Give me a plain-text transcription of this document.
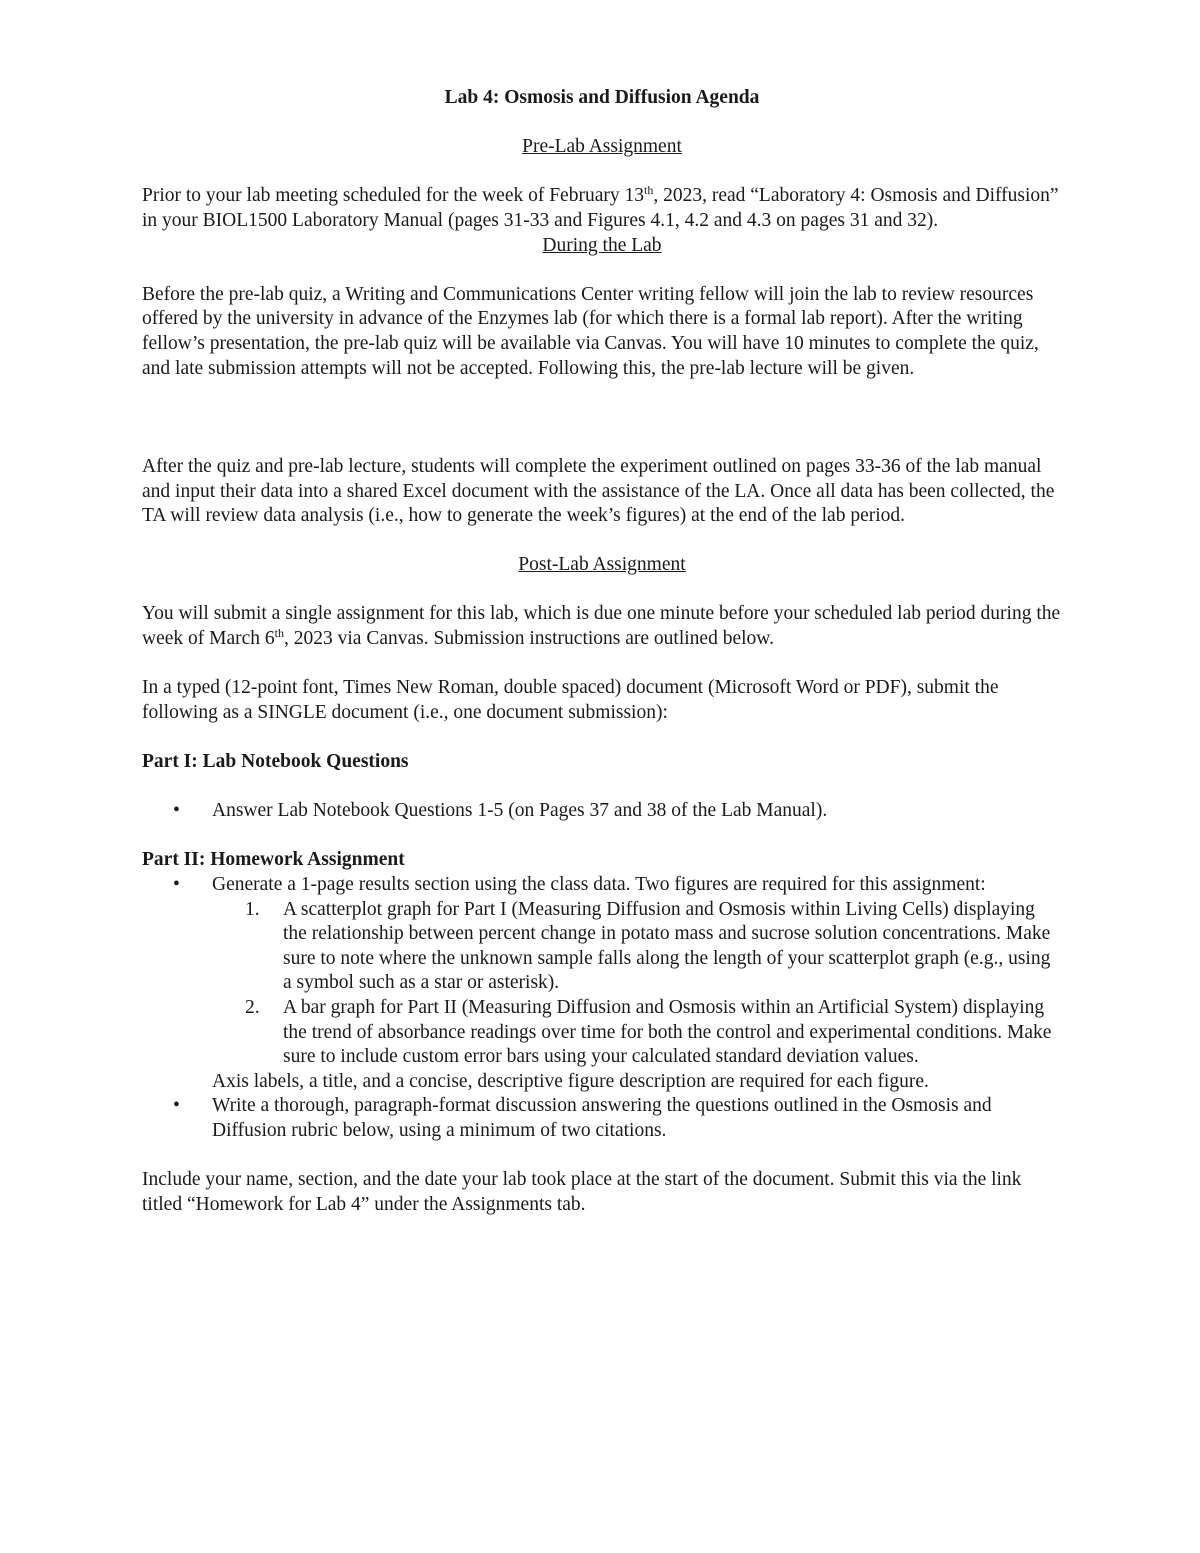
Lab 4: Osmosis and Diffusion Agenda

Pre-Lab Assignment

Prior to your lab meeting scheduled for the week of February 13th, 2023, read “Laboratory 4: Osmosis and Diffusion” in your BIOL1500 Laboratory Manual (pages 31-33 and Figures 4.1, 4.2 and 4.3 on pages 31 and 32).

During the Lab

Before the pre-lab quiz, a Writing and Communications Center writing fellow will join the lab to review resources offered by the university in advance of the Enzymes lab (for which there is a formal lab report). After the writing fellow’s presentation, the pre-lab quiz will be available via Canvas. You will have 10 minutes to complete the quiz, and late submission attempts will not be accepted. Following this, the pre-lab lecture will be given.

After the quiz and pre-lab lecture, students will complete the experiment outlined on pages 33-36 of the lab manual and input their data into a shared Excel document with the assistance of the LA. Once all data has been collected, the TA will review data analysis (i.e., how to generate the week’s figures) at the end of the lab period.

Post-Lab Assignment

You will submit a single assignment for this lab, which is due one minute before your scheduled lab period during the week of March 6th, 2023 via Canvas. Submission instructions are outlined below.

In a typed (12-point font, Times New Roman, double spaced) document (Microsoft Word or PDF), submit the following as a SINGLE document (i.e., one document submission):

Part I: Lab Notebook Questions

• Answer Lab Notebook Questions 1-5 (on Pages 37 and 38 of the Lab Manual).

Part II: Homework Assignment

• Generate a 1-page results section using the class data. Two figures are required for this assignment:
1. A scatterplot graph for Part I (Measuring Diffusion and Osmosis within Living Cells) displaying the relationship between percent change in potato mass and sucrose solution concentrations. Make sure to note where the unknown sample falls along the length of your scatterplot graph (e.g., using a symbol such as a star or asterisk).
2. A bar graph for Part II (Measuring Diffusion and Osmosis within an Artificial System) displaying the trend of absorbance readings over time for both the control and experimental conditions. Make sure to include custom error bars using your calculated standard deviation values.
Axis labels, a title, and a concise, descriptive figure description are required for each figure.
• Write a thorough, paragraph-format discussion answering the questions outlined in the Osmosis and Diffusion rubric below, using a minimum of two citations.

Include your name, section, and the date your lab took place at the start of the document. Submit this via the link titled “Homework for Lab 4” under the Assignments tab.
